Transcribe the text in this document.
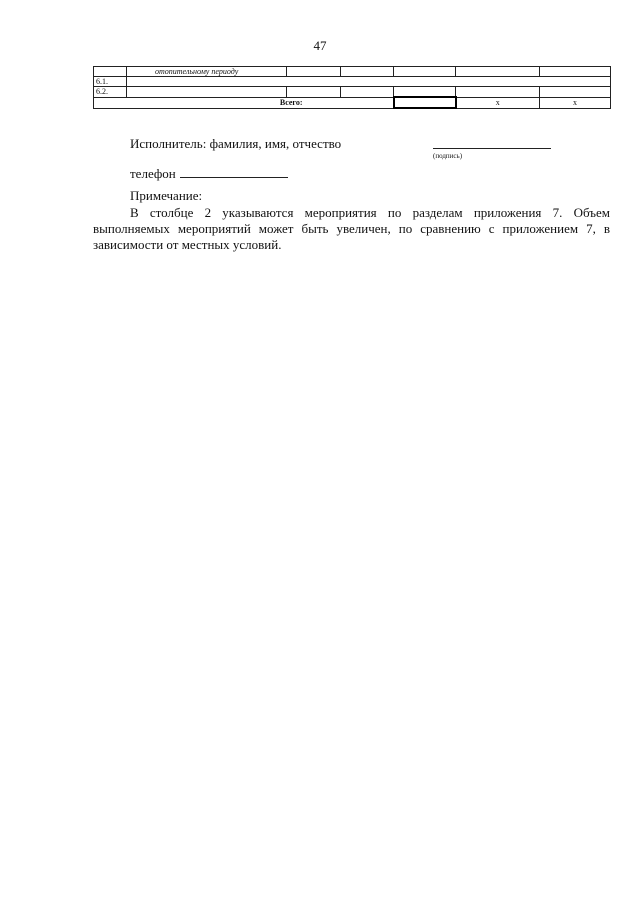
47
	отопительному периоду					
6.1.						
6.2.						
Всего:					х	х
Исполнитель: фамилия, имя, отчество
(подпись)
телефон
Примечание:
В столбце 2 указываются мероприятия по разделам приложения 7. Объем выполняемых мероприятий может быть увеличен, по сравнению с приложением 7, в зависимости от местных условий.
